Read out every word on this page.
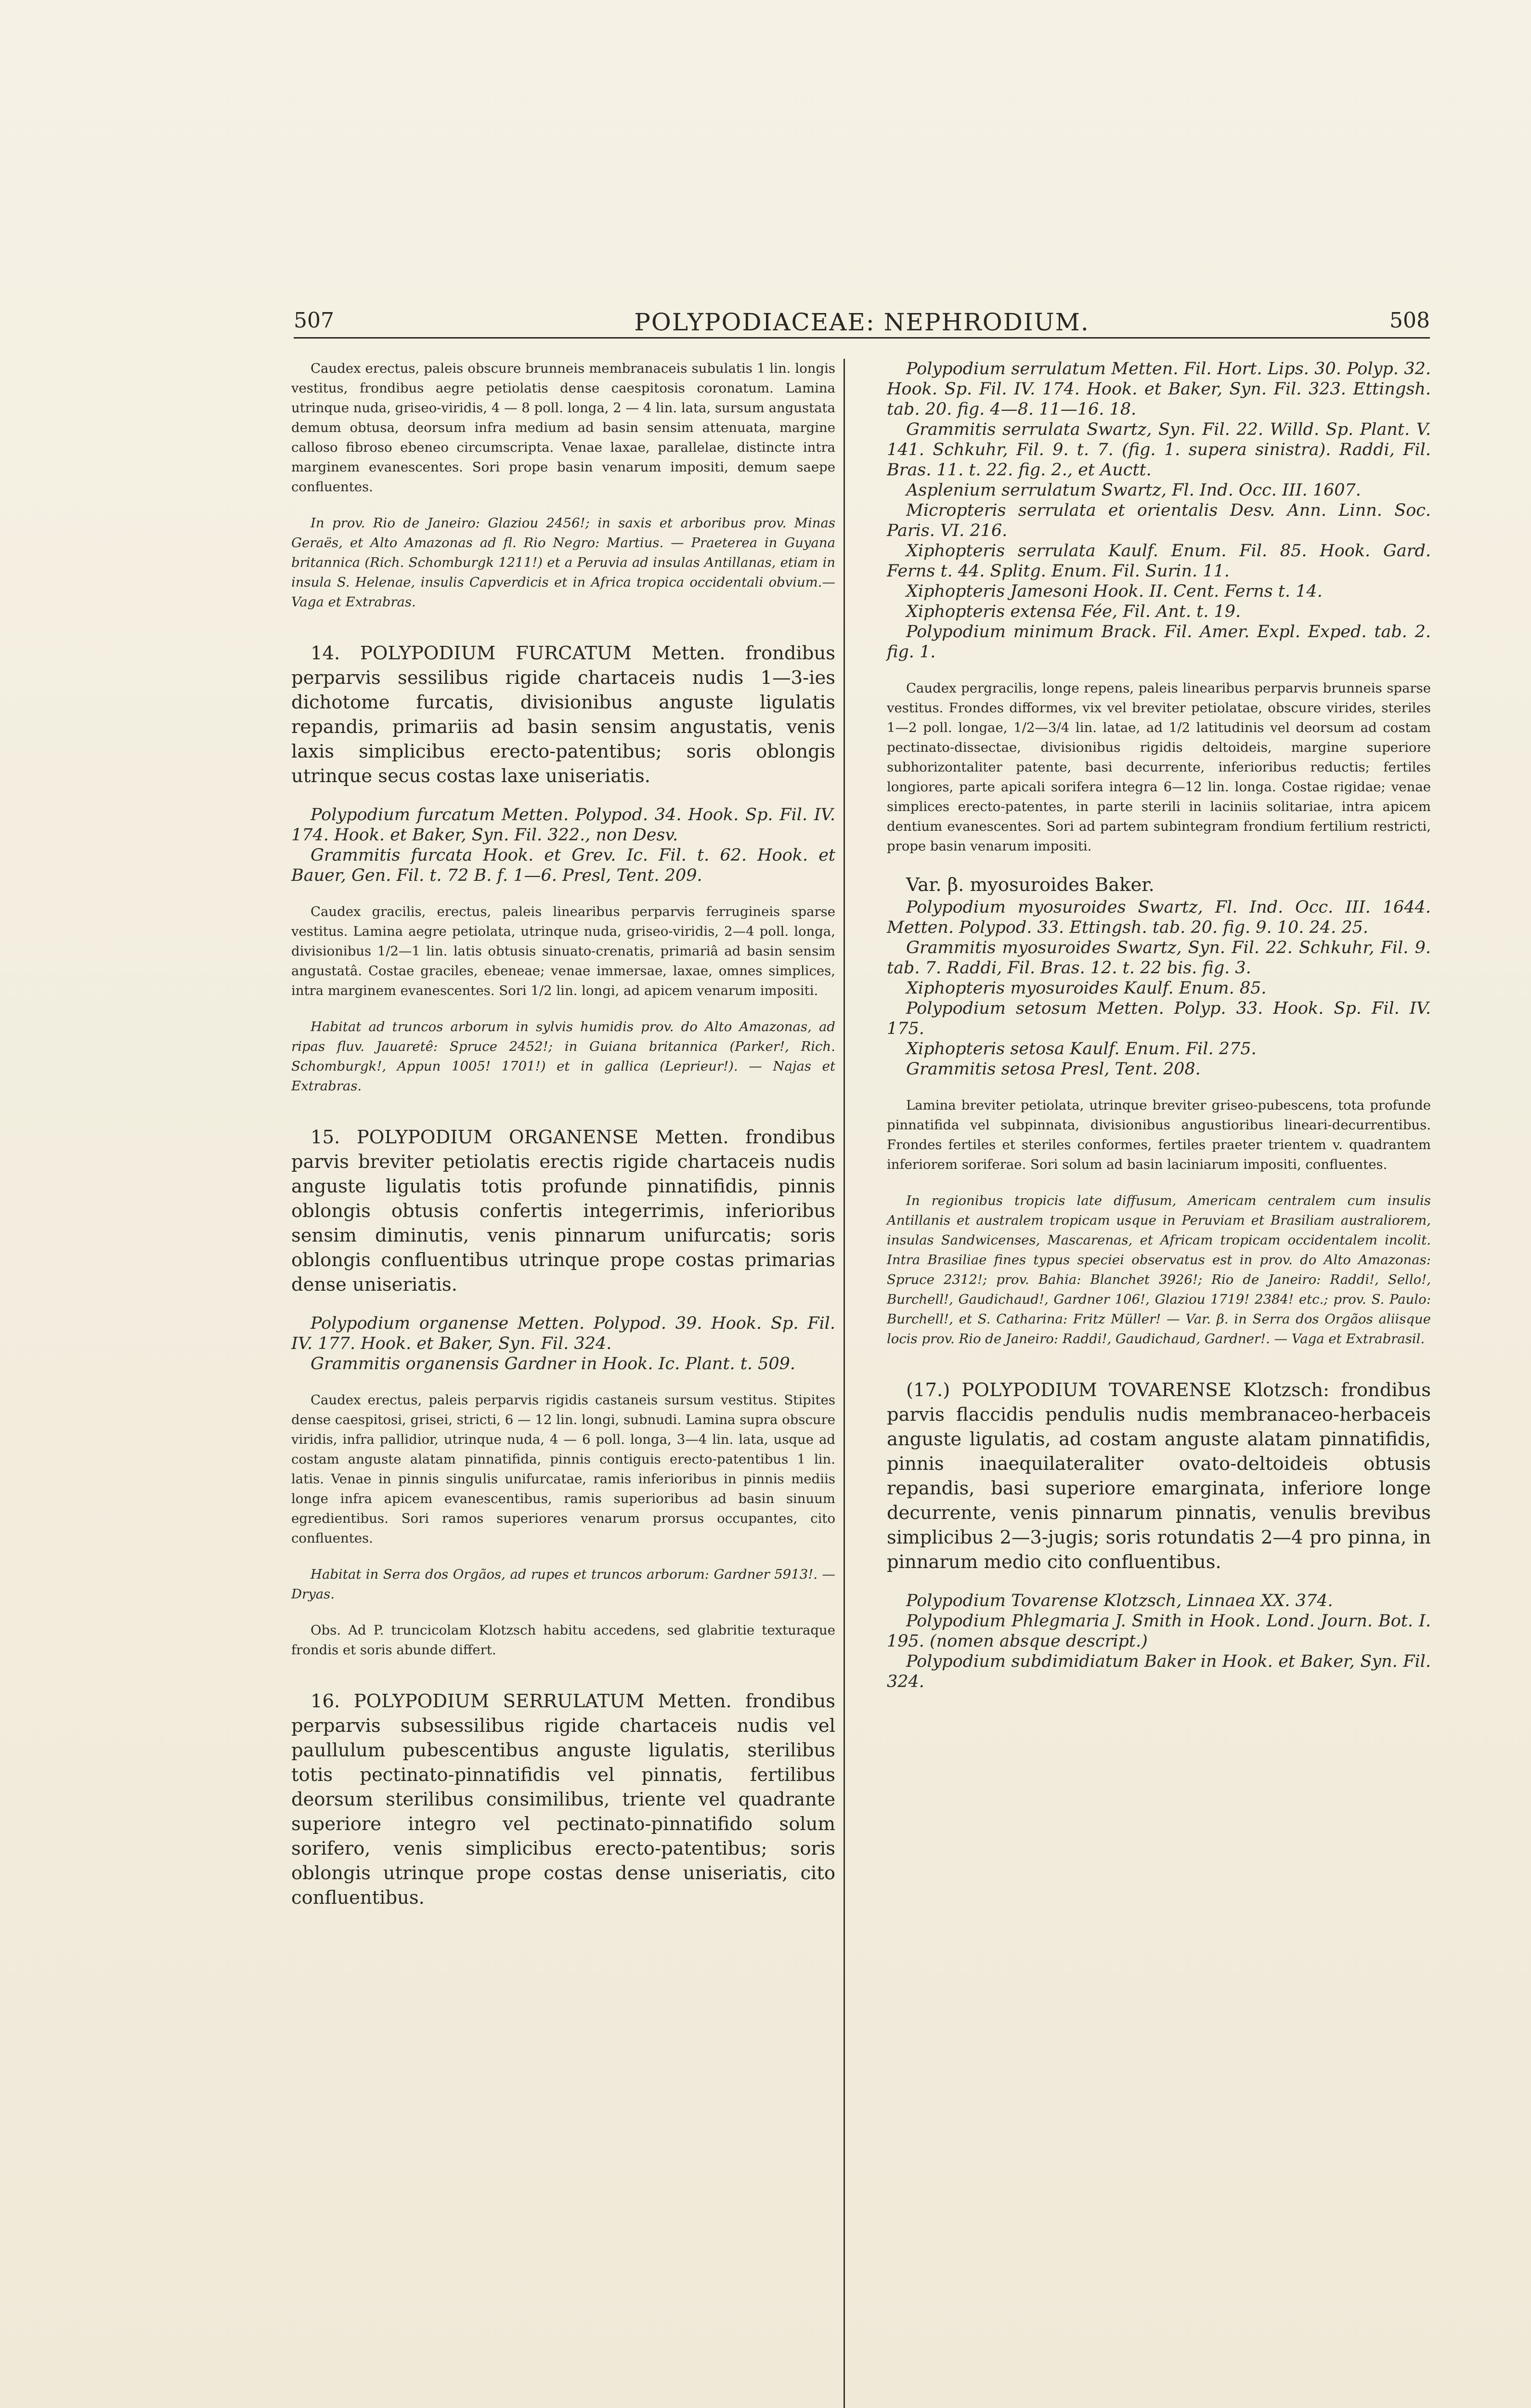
507	POLYPODIACEAE: NEPHRODIUM.	508

Caudex erectus, paleis obscure brunneis membranaceis subulatis 1 lin. longis vestitus, frondibus aegre petiolatis dense caespitosis coronatum. Lamina utrinque nuda, griseo-viridis, 4 — 8 poll. longa, 2 — 4 lin. lata, sursum angustata demum obtusa, deorsum infra medium ad basin sensim attenuata, margine calloso fibroso ebeneo circumscripta. Venae laxae, parallelae, distincte intra marginem evanescentes. Sori prope basin venarum impositi, demum saepe confluentes.

In prov. Rio de Janeiro: Glaziou 2456!; in saxis et arboribus prov. Minas Geraës, et Alto Amazonas ad fl. Rio Negro: Martius. — Praeterea in Guyana britannica (Rich. Schomburgk 1211!) et a Peruvia ad insulas Antillanas, etiam in insula S. Helenae, insulis Capverdicis et in Africa tropica occidentali obvium.— Vaga et Extrabras.

14. POLYPODIUM FURCATUM Metten. frondibus perparvis sessilibus rigide chartaceis nudis 1—3-ies dichotome furcatis, divisionibus anguste ligulatis repandis, primariis ad basin sensim angustatis, venis laxis simplicibus erecto-patentibus; soris oblongis utrinque secus costas laxe uniseriatis.

Polypodium furcatum Metten. Polypod. 34. Hook. Sp. Fil. IV. 174. Hook. et Baker, Syn. Fil. 322., non Desv.

Grammitis furcata Hook. et Grev. Ic. Fil. t. 62. Hook. et Bauer, Gen. Fil. t. 72 B. f. 1—6. Presl, Tent. 209.

Caudex gracilis, erectus, paleis linearibus perparvis ferrugineis sparse vestitus. Lamina aegre petiolata, utrinque nuda, griseo-viridis, 2—4 poll. longa, divisionibus 1/2—1 lin. latis obtusis sinuato-crenatis, primariâ ad basin sensim angustatâ. Costae graciles, ebeneae; venae immersae, laxae, omnes simplices, intra marginem evanescentes. Sori 1/2 lin. longi, ad apicem venarum impositi.

Habitat ad truncos arborum in sylvis humidis prov. do Alto Amazonas, ad ripas fluv. Jauaretê: Spruce 2452!; in Guiana britannica (Parker!, Rich. Schomburgk!, Appun 1005! 1701!) et in gallica (Leprieur!). — Najas et Extrabras.

15. POLYPODIUM ORGANENSE Metten. frondibus parvis breviter petiolatis erectis rigide chartaceis nudis anguste ligulatis totis profunde pinnatifidis, pinnis oblongis obtusis confertis integerrimis, inferioribus sensim diminutis, venis pinnarum unifurcatis; soris oblongis confluentibus utrinque prope costas primarias dense uniseriatis.

Polypodium organense Metten. Polypod. 39. Hook. Sp. Fil. IV. 177. Hook. et Baker, Syn. Fil. 324.

Grammitis organensis Gardner in Hook. Ic. Plant. t. 509.

Caudex erectus, paleis perparvis rigidis castaneis sursum vestitus. Stipites dense caespitosi, grisei, stricti, 6 — 12 lin. longi, subnudi. Lamina supra obscure viridis, infra pallidior, utrinque nuda, 4 — 6 poll. longa, 3—4 lin. lata, usque ad costam anguste alatam pinnatifida, pinnis contiguis erecto-patentibus 1 lin. latis. Venae in pinnis singulis unifurcatae, ramis inferioribus in pinnis mediis longe infra apicem evanescentibus, ramis superioribus ad basin sinuum egredientibus. Sori ramos superiores venarum prorsus occupantes, cito confluentes.

Habitat in Serra dos Orgãos, ad rupes et truncos arborum: Gardner 5913!. — Dryas.

Obs. Ad P. truncicolam Klotzsch habitu accedens, sed glabritie texturaque frondis et soris abunde differt.

16. POLYPODIUM SERRULATUM Metten. frondibus perparvis subsessilibus rigide chartaceis nudis vel paullulum pubescentibus anguste ligulatis, sterilibus totis pectinato-pinnatifidis vel pinnatis, fertilibus deorsum sterilibus consimilibus, triente vel quadrante superiore integro vel pectinato-pinnatifido solum sorifero, venis simplicibus erecto-patentibus; soris oblongis utrinque prope costas dense uniseriatis, cito confluentibus.

Polypodium serrulatum Metten. Fil. Hort. Lips. 30. Polyp. 32. Hook. Sp. Fil. IV. 174. Hook. et Baker, Syn. Fil. 323. Ettingsh. tab. 20. fig. 4—8. 11—16. 18.

Grammitis serrulata Swartz, Syn. Fil. 22. Willd. Sp. Plant. V. 141. Schkuhr, Fil. 9. t. 7. (fig. 1. supera sinistra). Raddi, Fil. Bras. 11. t. 22. fig. 2., et Auctt.

Asplenium serrulatum Swartz, Fl. Ind. Occ. III. 1607.

Micropteris serrulata et orientalis Desv. Ann. Linn. Soc. Paris. VI. 216.

Xiphopteris serrulata Kaulf. Enum. Fil. 85. Hook. Gard. Ferns t. 44. Splitg. Enum. Fil. Surin. 11.

Xiphopteris Jamesoni Hook. II. Cent. Ferns t. 14.

Xiphopteris extensa Fée, Fil. Ant. t. 19.

Polypodium minimum Brack. Fil. Amer. Expl. Exped. tab. 2. fig. 1.

Caudex pergracilis, longe repens, paleis linearibus perparvis brunneis sparse vestitus. Frondes difformes, vix vel breviter petiolatae, obscure virides, steriles 1—2 poll. longae, 1/2—3/4 lin. latae, ad 1/2 latitudinis vel deorsum ad costam pectinato-dissectae, divisionibus rigidis deltoideis, margine superiore subhorizontaliter patente, basi decurrente, inferioribus reductis; fertiles longiores, parte apicali sorifera integra 6—12 lin. longa. Costae rigidae; venae simplices erecto-patentes, in parte sterili in laciniis solitariae, intra apicem dentium evanescentes. Sori ad partem subintegram frondium fertilium restricti, prope basin venarum impositi.

Var. β. myosuroides Baker.

Polypodium myosuroides Swartz, Fl. Ind. Occ. III. 1644. Metten. Polypod. 33. Ettingsh. tab. 20. fig. 9. 10. 24. 25.

Grammitis myosuroides Swartz, Syn. Fil. 22. Schkuhr, Fil. 9. tab. 7. Raddi, Fil. Bras. 12. t. 22 bis. fig. 3.

Xiphopteris myosuroides Kaulf. Enum. 85.

Polypodium setosum Metten. Polyp. 33. Hook. Sp. Fil. IV. 175.

Xiphopteris setosa Kaulf. Enum. Fil. 275.

Grammitis setosa Presl, Tent. 208.

Lamina breviter petiolata, utrinque breviter griseo-pubescens, tota profunde pinnatifida vel subpinnata, divisionibus angustioribus lineari-decurrentibus. Frondes fertiles et steriles conformes, fertiles praeter trientem v. quadrantem inferiorem soriferae. Sori solum ad basin laciniarum impositi, confluentes.

In regionibus tropicis late diffusum, Americam centralem cum insulis Antillanis et australem tropicam usque in Peruviam et Brasiliam australiorem, insulas Sandwicenses, Mascarenas, et Africam tropicam occidentalem incolit. Intra Brasiliae fines typus speciei observatus est in prov. do Alto Amazonas: Spruce 2312!; prov. Bahia: Blanchet 3926!; Rio de Janeiro: Raddi!, Sello!, Burchell!, Gaudichaud!, Gardner 106!, Glaziou 1719! 2384! etc.; prov. S. Paulo: Burchell!, et S. Catharina: Fritz Müller! — Var. β. in Serra dos Orgãos aliisque locis prov. Rio de Janeiro: Raddi!, Gaudichaud, Gardner!. — Vaga et Extrabrasil.

(17.) POLYPODIUM TOVARENSE Klotzsch: frondibus parvis flaccidis pendulis nudis membranaceo-herbaceis anguste ligulatis, ad costam anguste alatam pinnatifidis, pinnis inaequilateraliter ovato-deltoideis obtusis repandis, basi superiore emarginata, inferiore longe decurrente, venis pinnarum pinnatis, venulis brevibus simplicibus 2—3-jugis; soris rotundatis 2—4 pro pinna, in pinnarum medio cito confluentibus.

Polypodium Tovarense Klotzsch, Linnaea XX. 374.

Polypodium Phlegmaria J. Smith in Hook. Lond. Journ. Bot. I. 195. (nomen absque descript.)

Polypodium subdimidiatum Baker in Hook. et Baker, Syn. Fil. 324.
